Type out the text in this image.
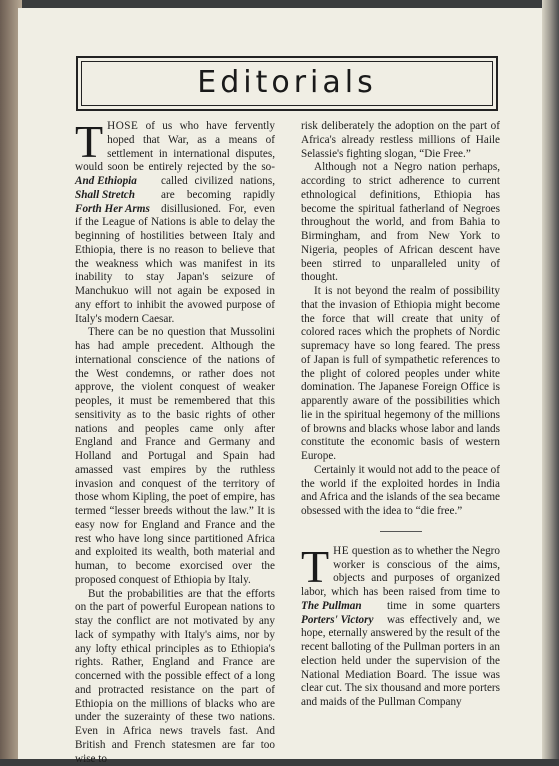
Editorials

THOSE of us who have fervently hoped that War, as a means of settlement in international disputes, would soon be entirely rejected by the so-called civilized nations,
And Ethiopia Shall Stretch Forth Her Arms
are becoming rapidly disillusioned. For, even if the League of Nations is able to delay the beginning of hostilities between Italy and Ethiopia, there is no reason to believe that the weakness which was manifest in its inability to stay Japan's seizure of Manchukuo will not again be exposed in any effort to inhibit the avowed purpose of Italy's modern Caesar.

There can be no question that Mussolini has had ample precedent. Although the international conscience of the nations of the West condemns, or rather does not approve, the violent conquest of weaker peoples, it must be remembered that this sensitivity as to the basic rights of other nations and peoples came only after England and France and Germany and Holland and Portugal and Spain had amassed vast empires by the ruthless invasion and conquest of the territory of those whom Kipling, the poet of empire, has termed “lesser breeds without the law.” It is easy now for England and France and the rest who have long since partitioned Africa and exploited its wealth, both material and human, to become exorcised over the proposed conquest of Ethiopia by Italy.

But the probabilities are that the efforts on the part of powerful European nations to stay the conflict are not motivated by any lack of sympathy with Italy's aims, nor by any lofty ethical principles as to Ethiopia's rights. Rather, England and France are concerned with the possible effect of a long and protracted resistance on the part of Ethiopia on the millions of blacks who are under the suzerainty of these two nations. Even in Africa news travels fast. And British and French statesmen are far too wise to

risk deliberately the adoption on the part of Africa's already restless millions of Haile Selassie's fighting slogan, “Die Free.”

Although not a Negro nation perhaps, according to strict adherence to current ethnological definitions, Ethiopia has become the spiritual fatherland of Negroes throughout the world, and from Bahia to Birmingham, and from New York to Nigeria, peoples of African descent have been stirred to unparalleled unity of thought.

It is not beyond the realm of possibility that the invasion of Ethiopia might become the force that will create that unity of colored races which the prophets of Nordic supremacy have so long feared. The press of Japan is full of sympathetic references to the plight of colored peoples under white domination. The Japanese Foreign Office is apparently aware of the possibilities which lie in the spiritual hegemony of the millions of browns and blacks whose labor and lands constitute the economic basis of western Europe.

Certainly it would not add to the peace of the world if the exploited hordes in India and Africa and the islands of the sea became obsessed with the idea to “die free.”

THE question as to whether the Negro worker is conscious of the aims, objects and purposes of organized labor, which has been raised from time to time in
The Pullman Porters' Victory
some quarters was effectively and, we hope, eternally answered by the result of the recent balloting of the Pullman porters in an election held under the supervision of the National Mediation Board. The issue was clear cut. The six thousand and more porters and maids of the Pullman Company
